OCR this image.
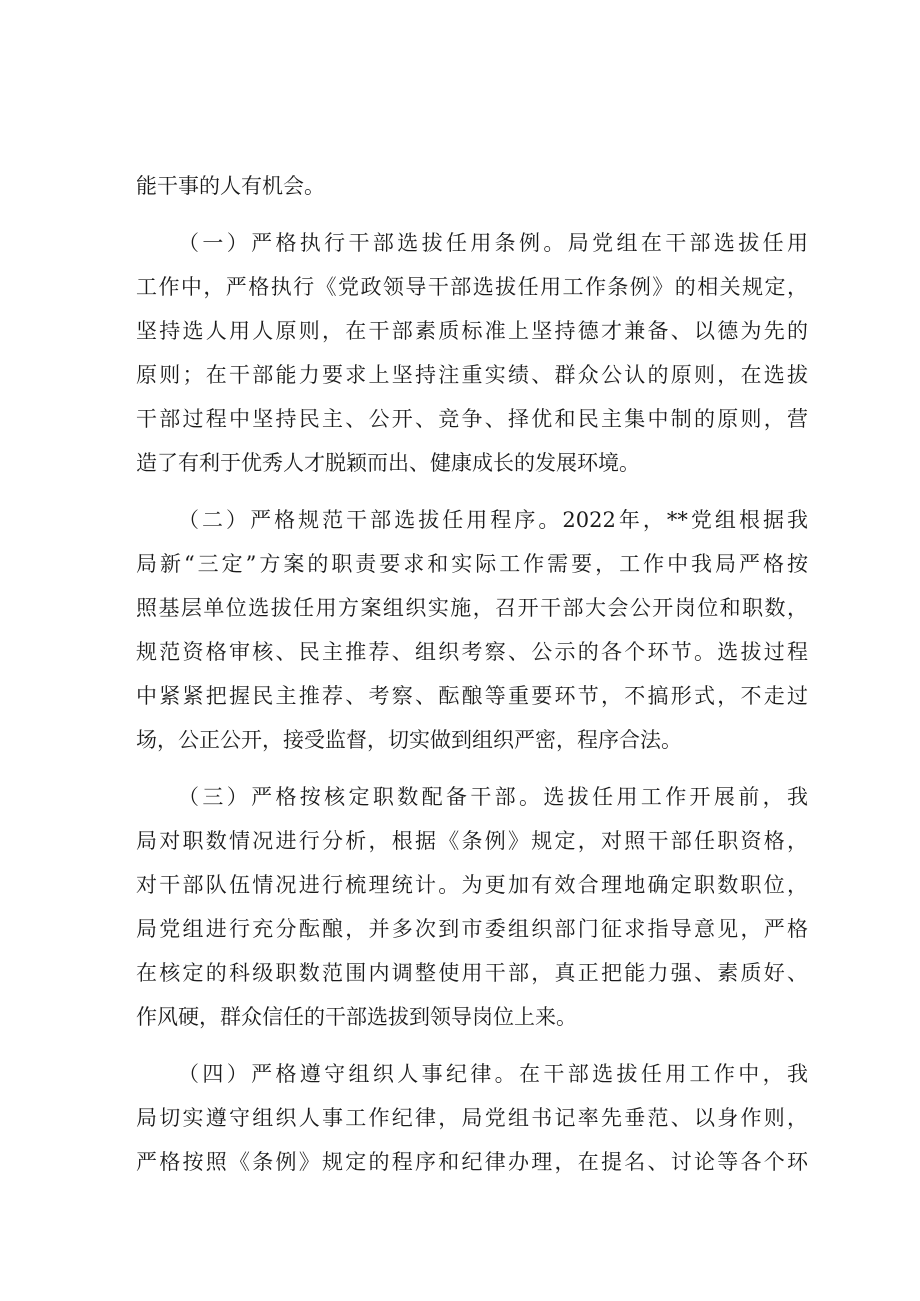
能干事的人有机会。
（一）严格执行干部选拔任用条例。局党组在干部选拔任用
工作中，严格执行《党政领导干部选拔任用工作条例》的相关规定，
坚持选人用人原则，在干部素质标准上坚持德才兼备、以德为先的
原则；在干部能力要求上坚持注重实绩、群众公认的原则，在选拔
干部过程中坚持民主、公开、竞争、择优和民主集中制的原则，营
造了有利于优秀人才脱颖而出、健康成长的发展环境。
（二）严格规范干部选拔任用程序。2022年，**党组根据我
局新“三定”方案的职责要求和实际工作需要，工作中我局严格按
照基层单位选拔任用方案组织实施，召开干部大会公开岗位和职数，
规范资格审核、民主推荐、组织考察、公示的各个环节。选拔过程
中紧紧把握民主推荐、考察、酝酿等重要环节，不搞形式，不走过
场，公正公开，接受监督，切实做到组织严密，程序合法。
（三）严格按核定职数配备干部。选拔任用工作开展前，我
局对职数情况进行分析，根据《条例》规定，对照干部任职资格，
对干部队伍情况进行梳理统计。为更加有效合理地确定职数职位，
局党组进行充分酝酿，并多次到市委组织部门征求指导意见，严格
在核定的科级职数范围内调整使用干部，真正把能力强、素质好、
作风硬，群众信任的干部选拔到领导岗位上来。
（四）严格遵守组织人事纪律。在干部选拔任用工作中，我
局切实遵守组织人事工作纪律，局党组书记率先垂范、以身作则，
严格按照《条例》规定的程序和纪律办理，在提名、讨论等各个环
